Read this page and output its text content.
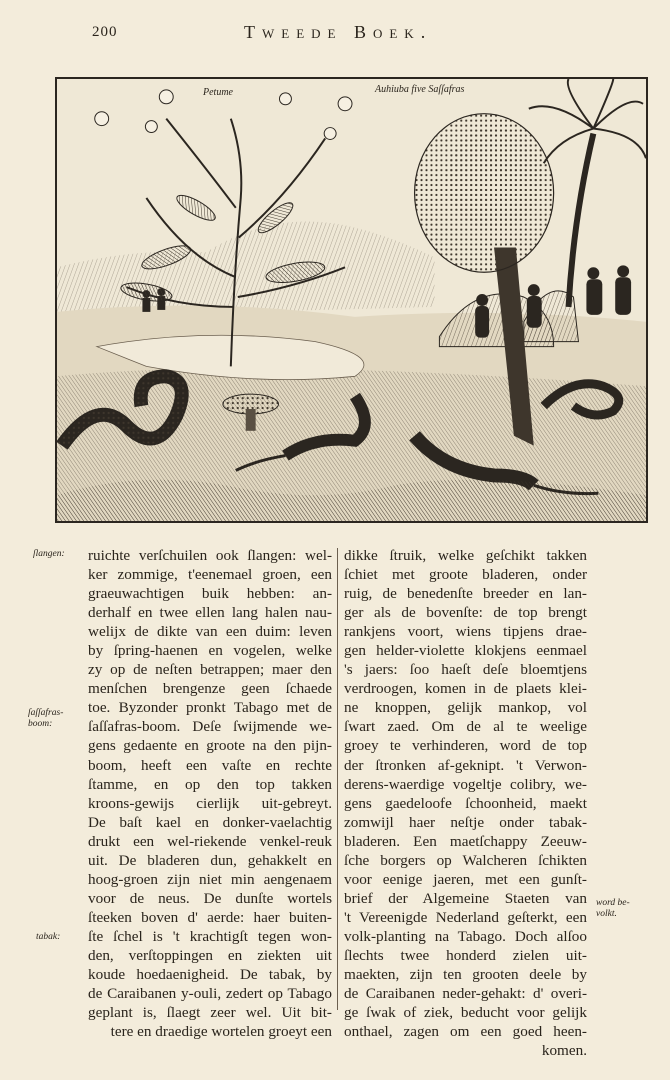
200	Tweede Boek.
Petume	Auhiuba five Saſſafras
ſlangen:
ſaſſafras-boom:
tabak:
word be-volkt.
ruichte verſchuilen ook ſlangen: wel-
ker zommige, t'eenemael groen, een
graeuwachtigen buik hebben: an-
derhalf en twee ellen lang halen nau-
welijx de dikte van een duim: leven
by ſpring-haenen en vogelen, welke
zy op de neſten betrappen; maer den
menſchen brengenze geen ſchaede
toe. Byzonder pronkt Tabago met de
ſaſſafras-boom. Deſe ſwijmende we-
gens gedaente en groote na den pijn-
boom, heeft een vaſte en rechte
ſtamme, en op den top takken
kroons-gewijs cierlijk uit-gebreyt.
De baſt kael en donker-vaelachtig
drukt een wel-riekende venkel-reuk
uit. De bladeren dun, gehakkelt en
hoog-groen zijn niet min aengenaem
voor de neus. De dunſte wortels
ſteeken boven d' aerde: haer buiten-
ſte ſchel is 't krachtigſt tegen won-
den, verſtoppingen en ziekten uit
koude hoedaenigheid. De tabak, by
de Caraibanen y-ouli, zedert op Tabago
geplant is, ſlaegt zeer wel. Uit bit-
tere en draedige wortelen groeyt een
dikke ſtruik, welke geſchikt takken
ſchiet met groote bladeren, onder
ruig, de benedenſte breeder en lan-
ger als de bovenſte: de top brengt
rankjens voort, wiens tipjens drae-
gen helder-violette klokjens eenmael
's jaers: ſoo haeſt deſe bloemtjens
verdroogen, komen in de plaets klei-
ne knoppen, gelijk mankop, vol
ſwart zaed. Om de al te weelige
groey te verhinderen, word de top
der ſtronken af-geknipt. 't Verwon-
derens-waerdige vogeltje colibry, we-
gens gaedeloofe ſchoonheid, maekt
zomwijl haer neſtje onder tabak-
bladeren. Een maetſchappy Zeeuw-
ſche borgers op Walcheren ſchikten
voor eenige jaeren, met een gunſt-
brief der Algemeine Staeten van
't Vereenigde Nederland geſterkt, een
volk-planting na Tabago. Doch alſoo
ſlechts twee honderd zielen uit-
maekten, zijn ten grooten deele by
de Caraibanen neder-gehakt: d' overi-
ge ſwak of ziek, beducht voor gelijk
onthael, zagen om een goed heen-
komen.
